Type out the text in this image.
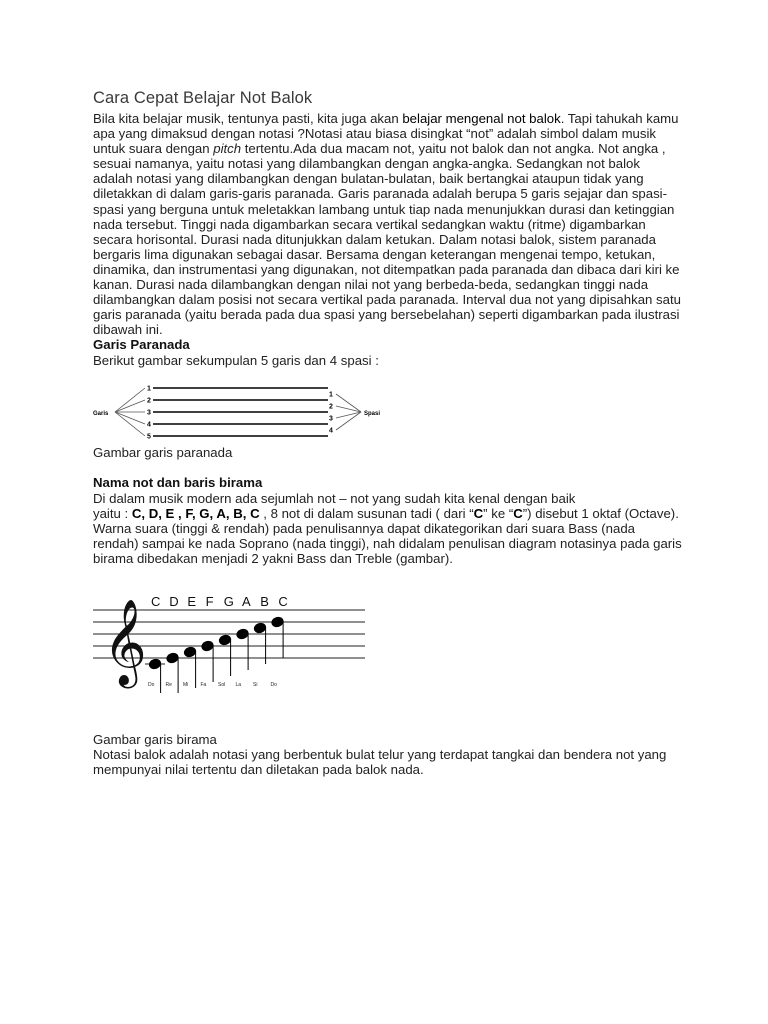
Cara Cepat Belajar Not Balok

Bila kita belajar musik, tentunya pasti, kita juga akan belajar mengenal not balok. Tapi tahukah kamu apa yang dimaksud dengan notasi ?Notasi atau biasa disingkat “not” adalah simbol dalam musik untuk suara dengan pitch tertentu.Ada dua macam not, yaitu not balok dan not angka. Not angka , sesuai namanya, yaitu notasi yang dilambangkan dengan angka-angka. Sedangkan not balok adalah notasi yang dilambangkan dengan bulatan-bulatan, baik bertangkai ataupun tidak yang diletakkan di dalam garis-garis paranada. Garis paranada adalah berupa 5 garis sejajar dan spasi-spasi yang berguna untuk meletakkan lambang untuk tiap nada menunjukkan durasi dan ketinggian nada tersebut. Tinggi nada digambarkan secara vertikal sedangkan waktu (ritme) digambarkan secara horisontal. Durasi nada ditunjukkan dalam ketukan. Dalam notasi balok, sistem paranada bergaris lima digunakan sebagai dasar. Bersama dengan keterangan mengenai tempo, ketukan, dinamika, dan instrumentasi yang digunakan, not ditempatkan pada paranada dan dibaca dari kiri ke kanan. Durasi nada dilambangkan dengan nilai not yang berbeda-beda, sedangkan tinggi nada dilambangkan dalam posisi not secara vertikal pada paranada. Interval dua not yang dipisahkan satu garis paranada (yaitu berada pada dua spasi yang bersebelahan) seperti digambarkan pada ilustrasi dibawah ini.

Garis Paranada

Berikut gambar sekumpulan 5 garis dan 4 spasi :

Garis	Spasi
1
2
3
4
5
1
2
3
4
Gambar garis paranada
Nama not dan baris birama

Di dalam musik modern ada sejumlah not – not yang sudah kita kenal dengan baik

yaitu : C, D, E , F, G, A, B, C , 8 not di dalam susunan tadi ( dari “C” ke “C”) disebut 1 oktaf (Octave). Warna suara (tinggi & rendah) pada penulisannya dapat dikategorikan dari suara Bass (nada rendah) sampai ke nada Soprano (nada tinggi), nah didalam penulisan diagram notasinya pada garis birama dibedakan menjadi 2 yakni Bass dan Treble (gambar).

𝄞 C D E F G A B C
Do Re Mi Fa Sol La Si	Do
Gambar garis birama
Notasi balok adalah notasi yang berbentuk bulat telur yang terdapat tangkai dan bendera not yang mempunyai nilai tertentu dan diletakan pada balok nada.
